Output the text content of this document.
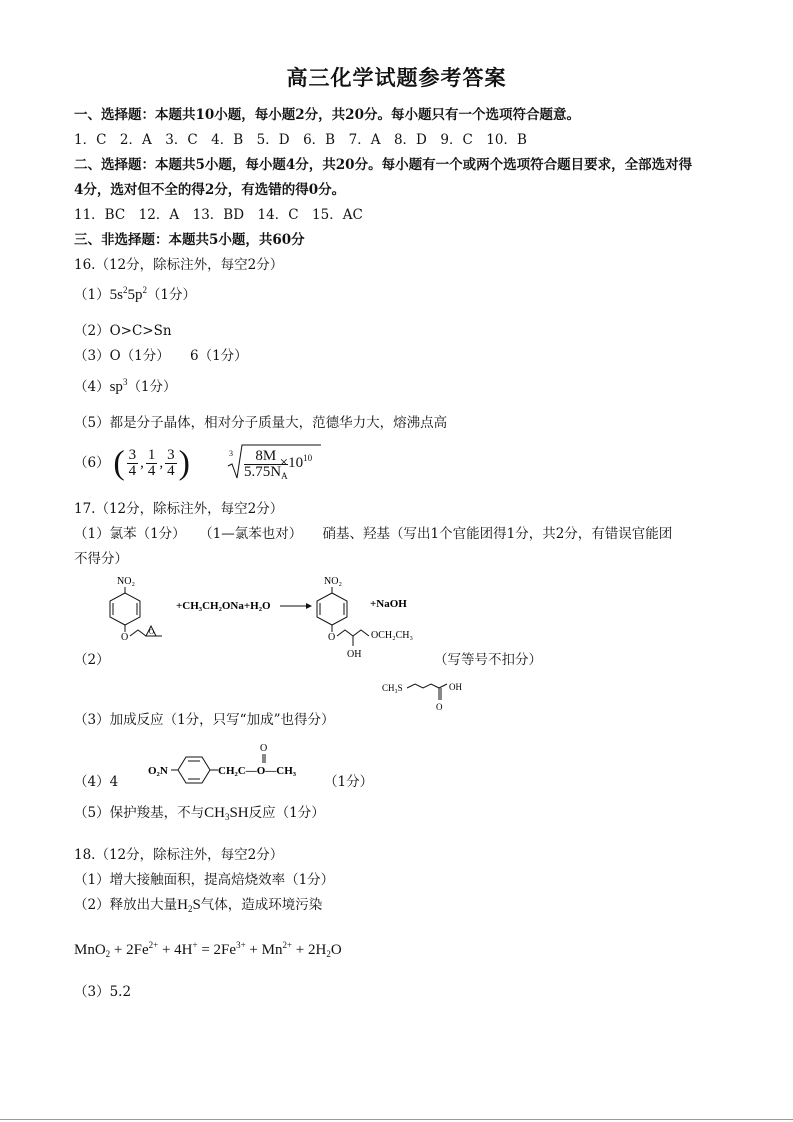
高三化学试题参考答案
一、选择题：本题共10小题，每小题2分，共20分。每小题只有一个选项符合题意。
1．C　2．A　3．C　4．B　5．D　6．B　7．A　8．D　9．C　10．B
二、选择题：本题共5小题，每小题4分，共20分。每小题有一个或两个选项符合题目要求，全部选对得
4分，选对但不全的得2分，有选错的得0分。
11．BC　12．A　13．BD　14．C　15．AC
三、非选择题：本题共5小题，共60分
16.（12分，除标注外，每空2分）
$(1)5s^25p^2(1$分）
（2）O>C>Sn
（3）O（1分）　　6（1分）
$(4)sp^3(1$分）
（5）都是分子晶体，相对分子质量大，范德华力大，熔沸点高
（6） ( $\frac{3}{4}$ , $\frac{1}{4}$ , $\frac{3}{4}$ )	$3 \frac{8M}{5.75N_A}$
$\times 10^{10}$
17.（12分，除标注外，每空2分）
（1）氯苯（1分）　　（1—氯苯也对）　　硝基、羟基（写出1个官能团得1分，共2分，有错误官能团
不得分）
（2）
NO₂
O	O
+CH₃CH₂ONa+H₂O
NO₂
O
OH
OCH₂CH₃
+NaOH
（写等号不扣分）
CH₃S	OH
O
（3）加成反应（1分，只写“加成”也得分）
（4）4
O₂N	CH₂C—O—CH₃
O
（1分）
（5）保护羧基，不与$CH_3SH$反应（1分）
18.（12分，除标注外，每空2分）
（1）增大接触面积，提高焙烧效率（1分）
（2）释放出大量$H_2S$气体，造成环境污染
$MnO_2 + 2Fe^{2+} + 4H^+ = 2Fe^{3+} + Mn^{2+} + 2H_2O$
（3）5.2
